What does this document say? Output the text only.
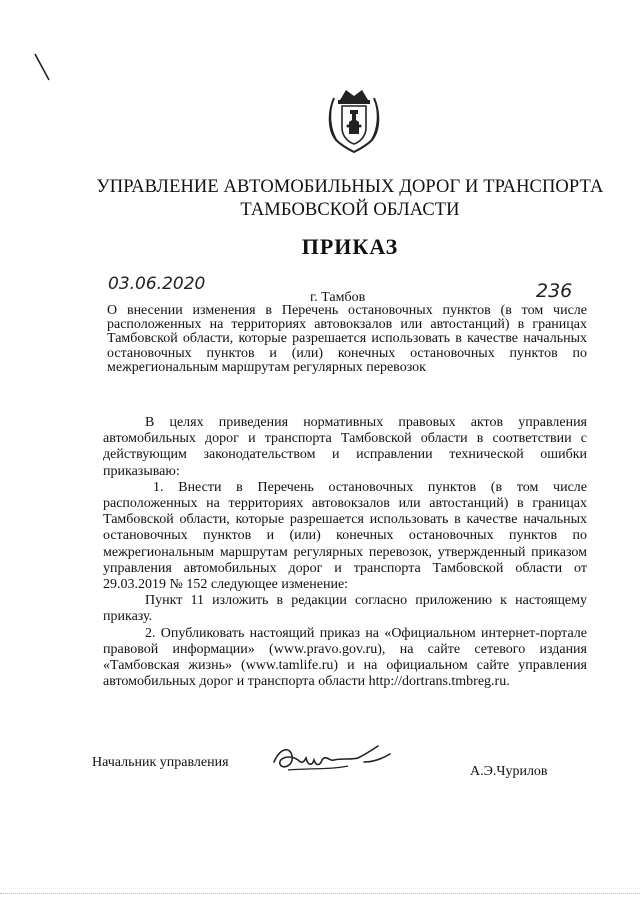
УПРАВЛЕНИЕ АВТОМОБИЛЬНЫХ ДОРОГ И ТРАНСПОРТА
ТАМБОВСКОЙ ОБЛАСТИ
ПРИКАЗ
03.06.2020
г. Тамбов	236
О внесении изменения в Перечень остановочных пунктов (в том числе расположенных на территориях автовокзалов или автостанций) в границах Тамбовской области, которые разрешается использовать в качестве начальных остановочных пунктов и (или) конечных остановочных пунктов по межрегиональным маршрутам регулярных перевозок

В целях приведения нормативных правовых актов управления автомобильных дорог и транспорта Тамбовской области в соответствии с действующим законодательством и исправлении технической ошибки приказываю:

1. Внести в Перечень остановочных пунктов (в том числе расположенных на территориях автовокзалов или автостанций) в границах Тамбовской области, которые разрешается использовать в качестве начальных остановочных пунктов и (или) конечных остановочных пунктов по межрегиональным маршрутам регулярных перевозок, утвержденный приказом управления автомобильных дорог и транспорта Тамбовской области от 29.03.2019 № 152 следующее изменение:

Пункт 11 изложить в редакции согласно приложению к настоящему приказу.

2. Опубликовать настоящий приказ на «Официальном интернет-портале правовой информации» (www.pravo.gov.ru), на сайте сетевого издания «Тамбовская жизнь» (www.tamlife.ru) и на официальном сайте управления автомобильных дорог и транспорта области http://dortrans.tmbreg.ru.

Начальник управления
А.Э.Чурилов
